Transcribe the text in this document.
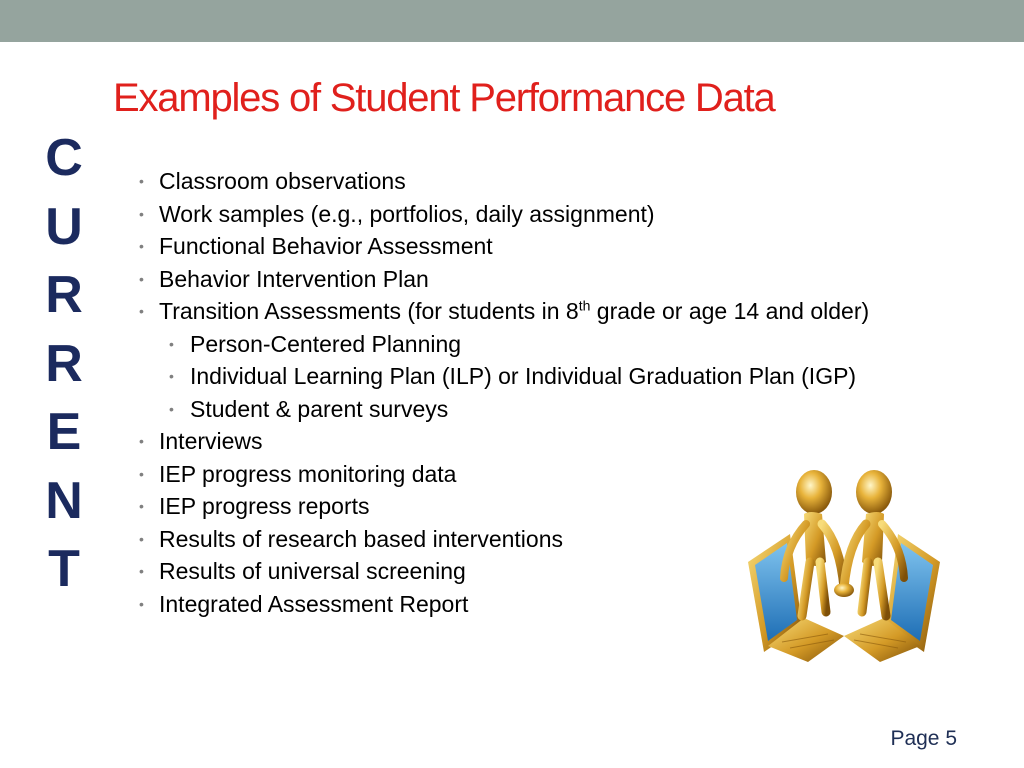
Examples of Student Performance Data
C
U
R
R
E
N
T
• Classroom observations
• Work samples (e.g., portfolios, daily assignment)
• Functional Behavior Assessment
• Behavior Intervention Plan
• Transition Assessments (for students in 8th grade or age 14 and older)
• Person-Centered Planning
• Individual Learning Plan (ILP) or Individual Graduation Plan (IGP)
• Student & parent surveys
• Interviews
• IEP progress monitoring data
• IEP progress reports
• Results of research based interventions
• Results of universal screening
• Integrated Assessment Report
Page 5
